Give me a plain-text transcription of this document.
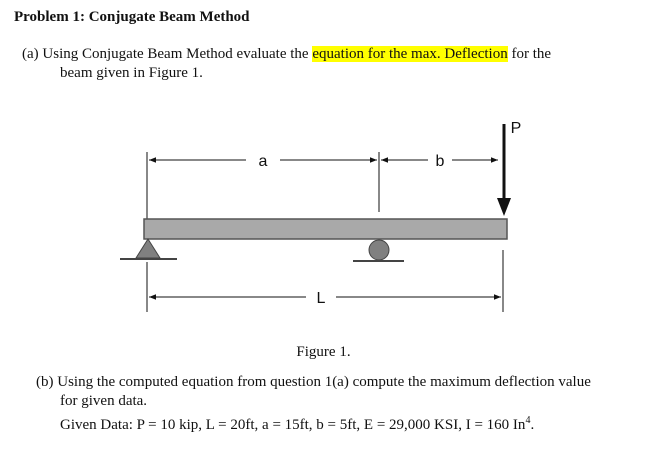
Problem 1: Conjugate Beam Method
(a) Using Conjugate Beam Method evaluate the equation for the max. Deflection for the
beam given in Figure 1.
a	b
P
L
Figure 1.
(b) Using the computed equation from question 1(a) compute the maximum deflection value
for given data.
Given Data: P = 10 kip, L = 20ft, a = 15ft, b = 5ft, E = 29,000 KSI, I = 160 In$^4$.
